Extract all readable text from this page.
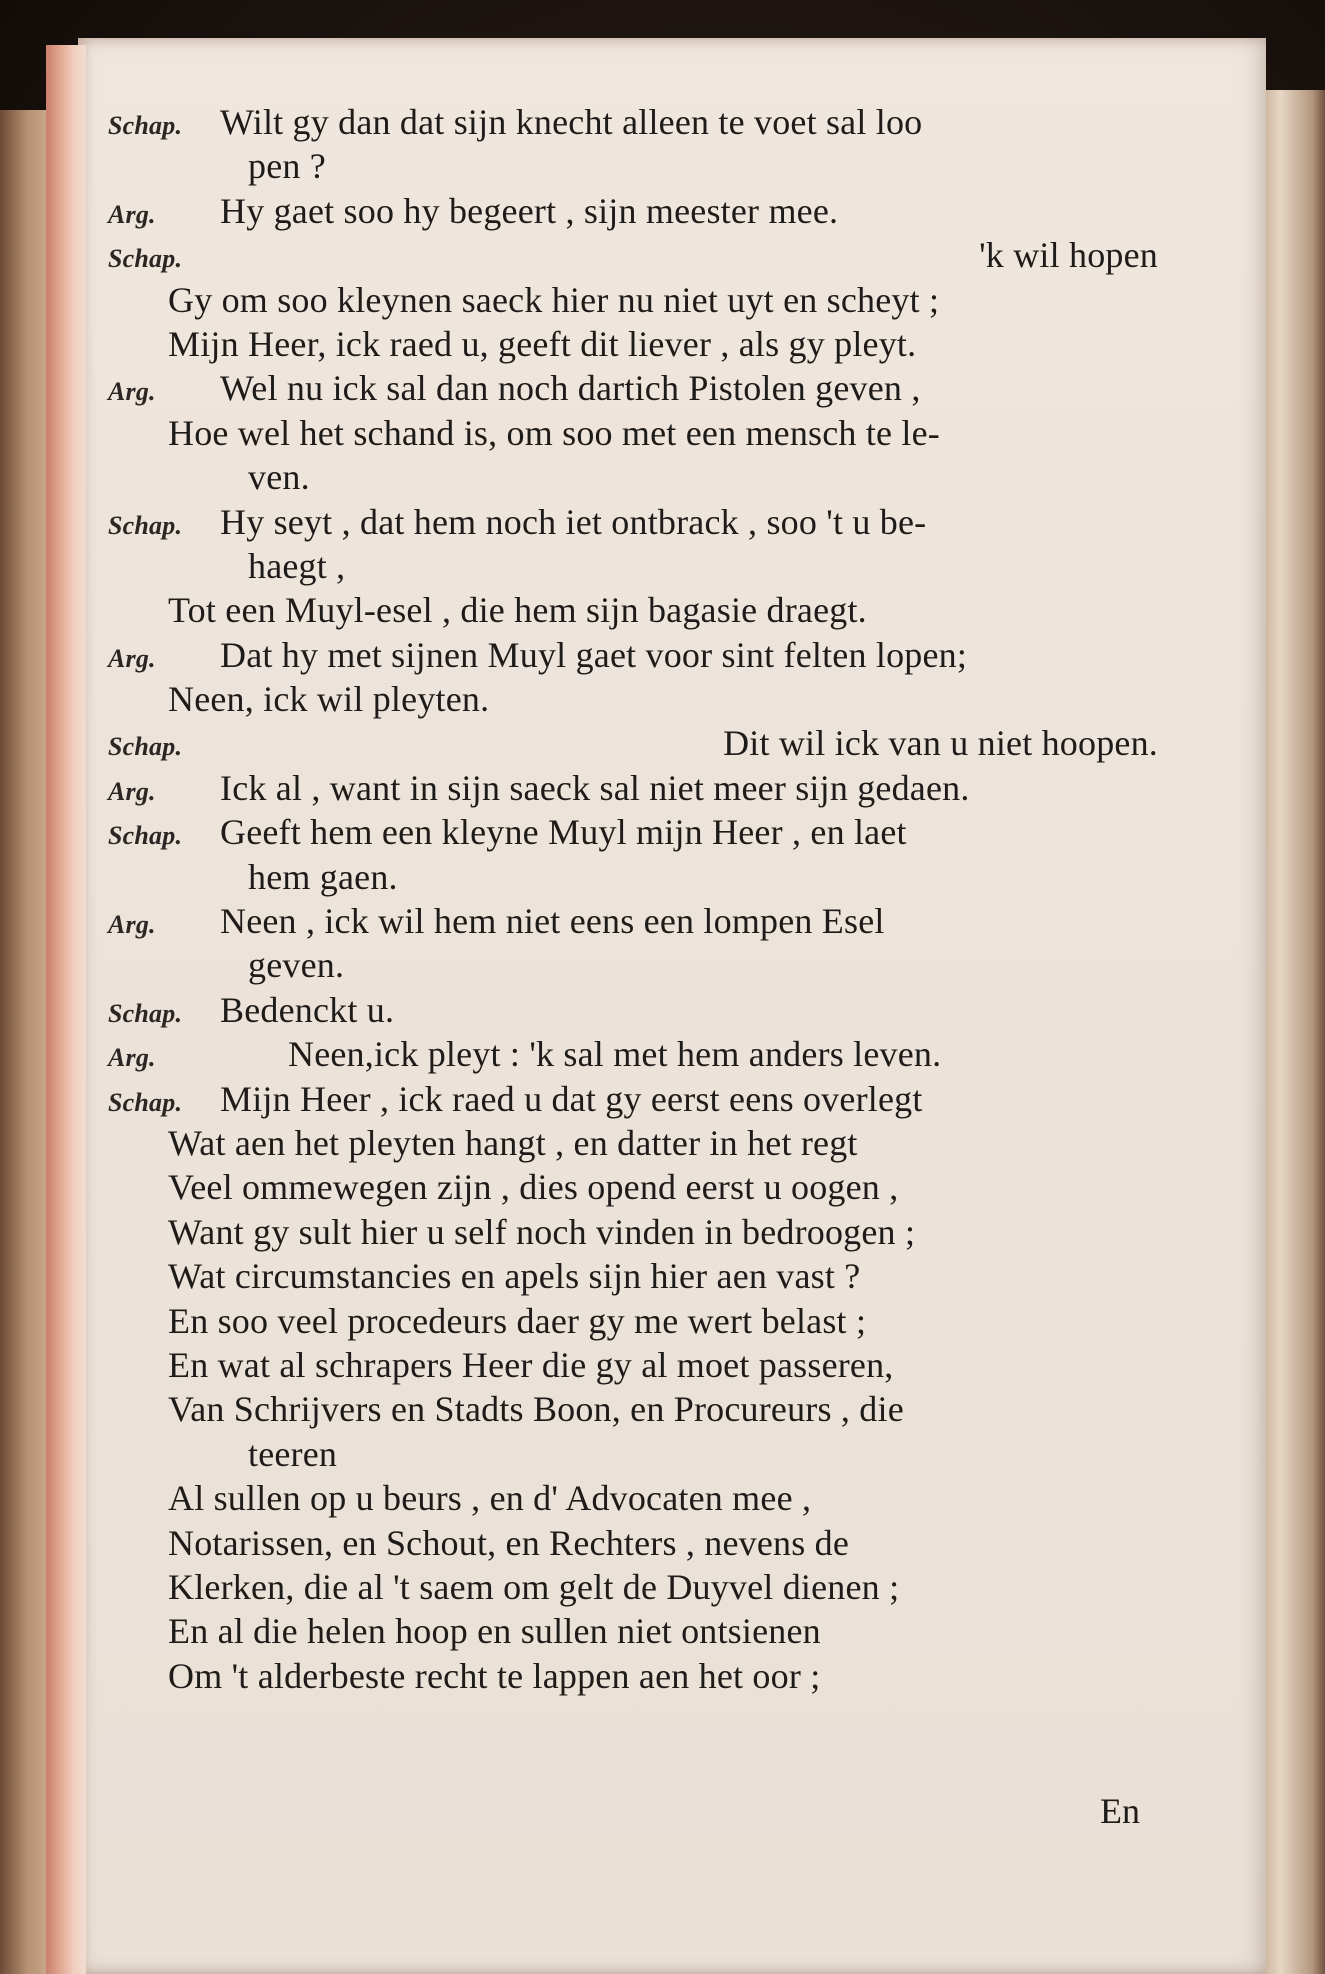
Schap. Wilt gy dan dat sijn knecht alleen te voet sal loo
pen ?
Arg. Hy gaet soo hy begeert , sijn meester mee.
Schap.	'k wil hopen
Gy om soo kleynen saeck hier nu niet uyt en scheyt ;
Mijn Heer, ick raed u, geeft dit liever , als gy pleyt.
Arg. Wel nu ick sal dan noch dartich Pistolen geven ,
Hoe wel het schand is, om soo met een mensch te le-
ven.
Schap. Hy seyt , dat hem noch iet ontbrack , soo 't u be-
haegt ,
Tot een Muyl-esel , die hem sijn bagasie draegt.
Arg. Dat hy met sijnen Muyl gaet voor sint felten lopen;
Neen, ick wil pleyten.
Schap.	Dit wil ick van u niet hoopen.
Arg. Ick al , want in sijn saeck sal niet meer sijn gedaen.
Schap. Geeft hem een kleyne Muyl mijn Heer , en laet
hem gaen.
Arg. Neen , ick wil hem niet eens een lompen Esel
geven.
Schap. Bedenckt u.
Arg.	Neen,ick pleyt : 'k sal met hem anders leven.
Schap. Mijn Heer , ick raed u dat gy eerst eens overlegt
Wat aen het pleyten hangt , en datter in het regt
Veel ommewegen zijn , dies opend eerst u oogen ,
Want gy sult hier u self noch vinden in bedroogen ;
Wat circumstancies en apels sijn hier aen vast ?
En soo veel procedeurs daer gy me wert belast ;
En wat al schrapers Heer die gy al moet passeren,
Van Schrijvers en Stadts Boon, en Procureurs , die
teeren
Al sullen op u beurs , en d' Advocaten mee ,
Notarissen, en Schout, en Rechters , nevens de
Klerken, die al 't saem om gelt de Duyvel dienen ;
En al die helen hoop en sullen niet ontsienen
Om 't alderbeste recht te lappen aen het oor ;
En
